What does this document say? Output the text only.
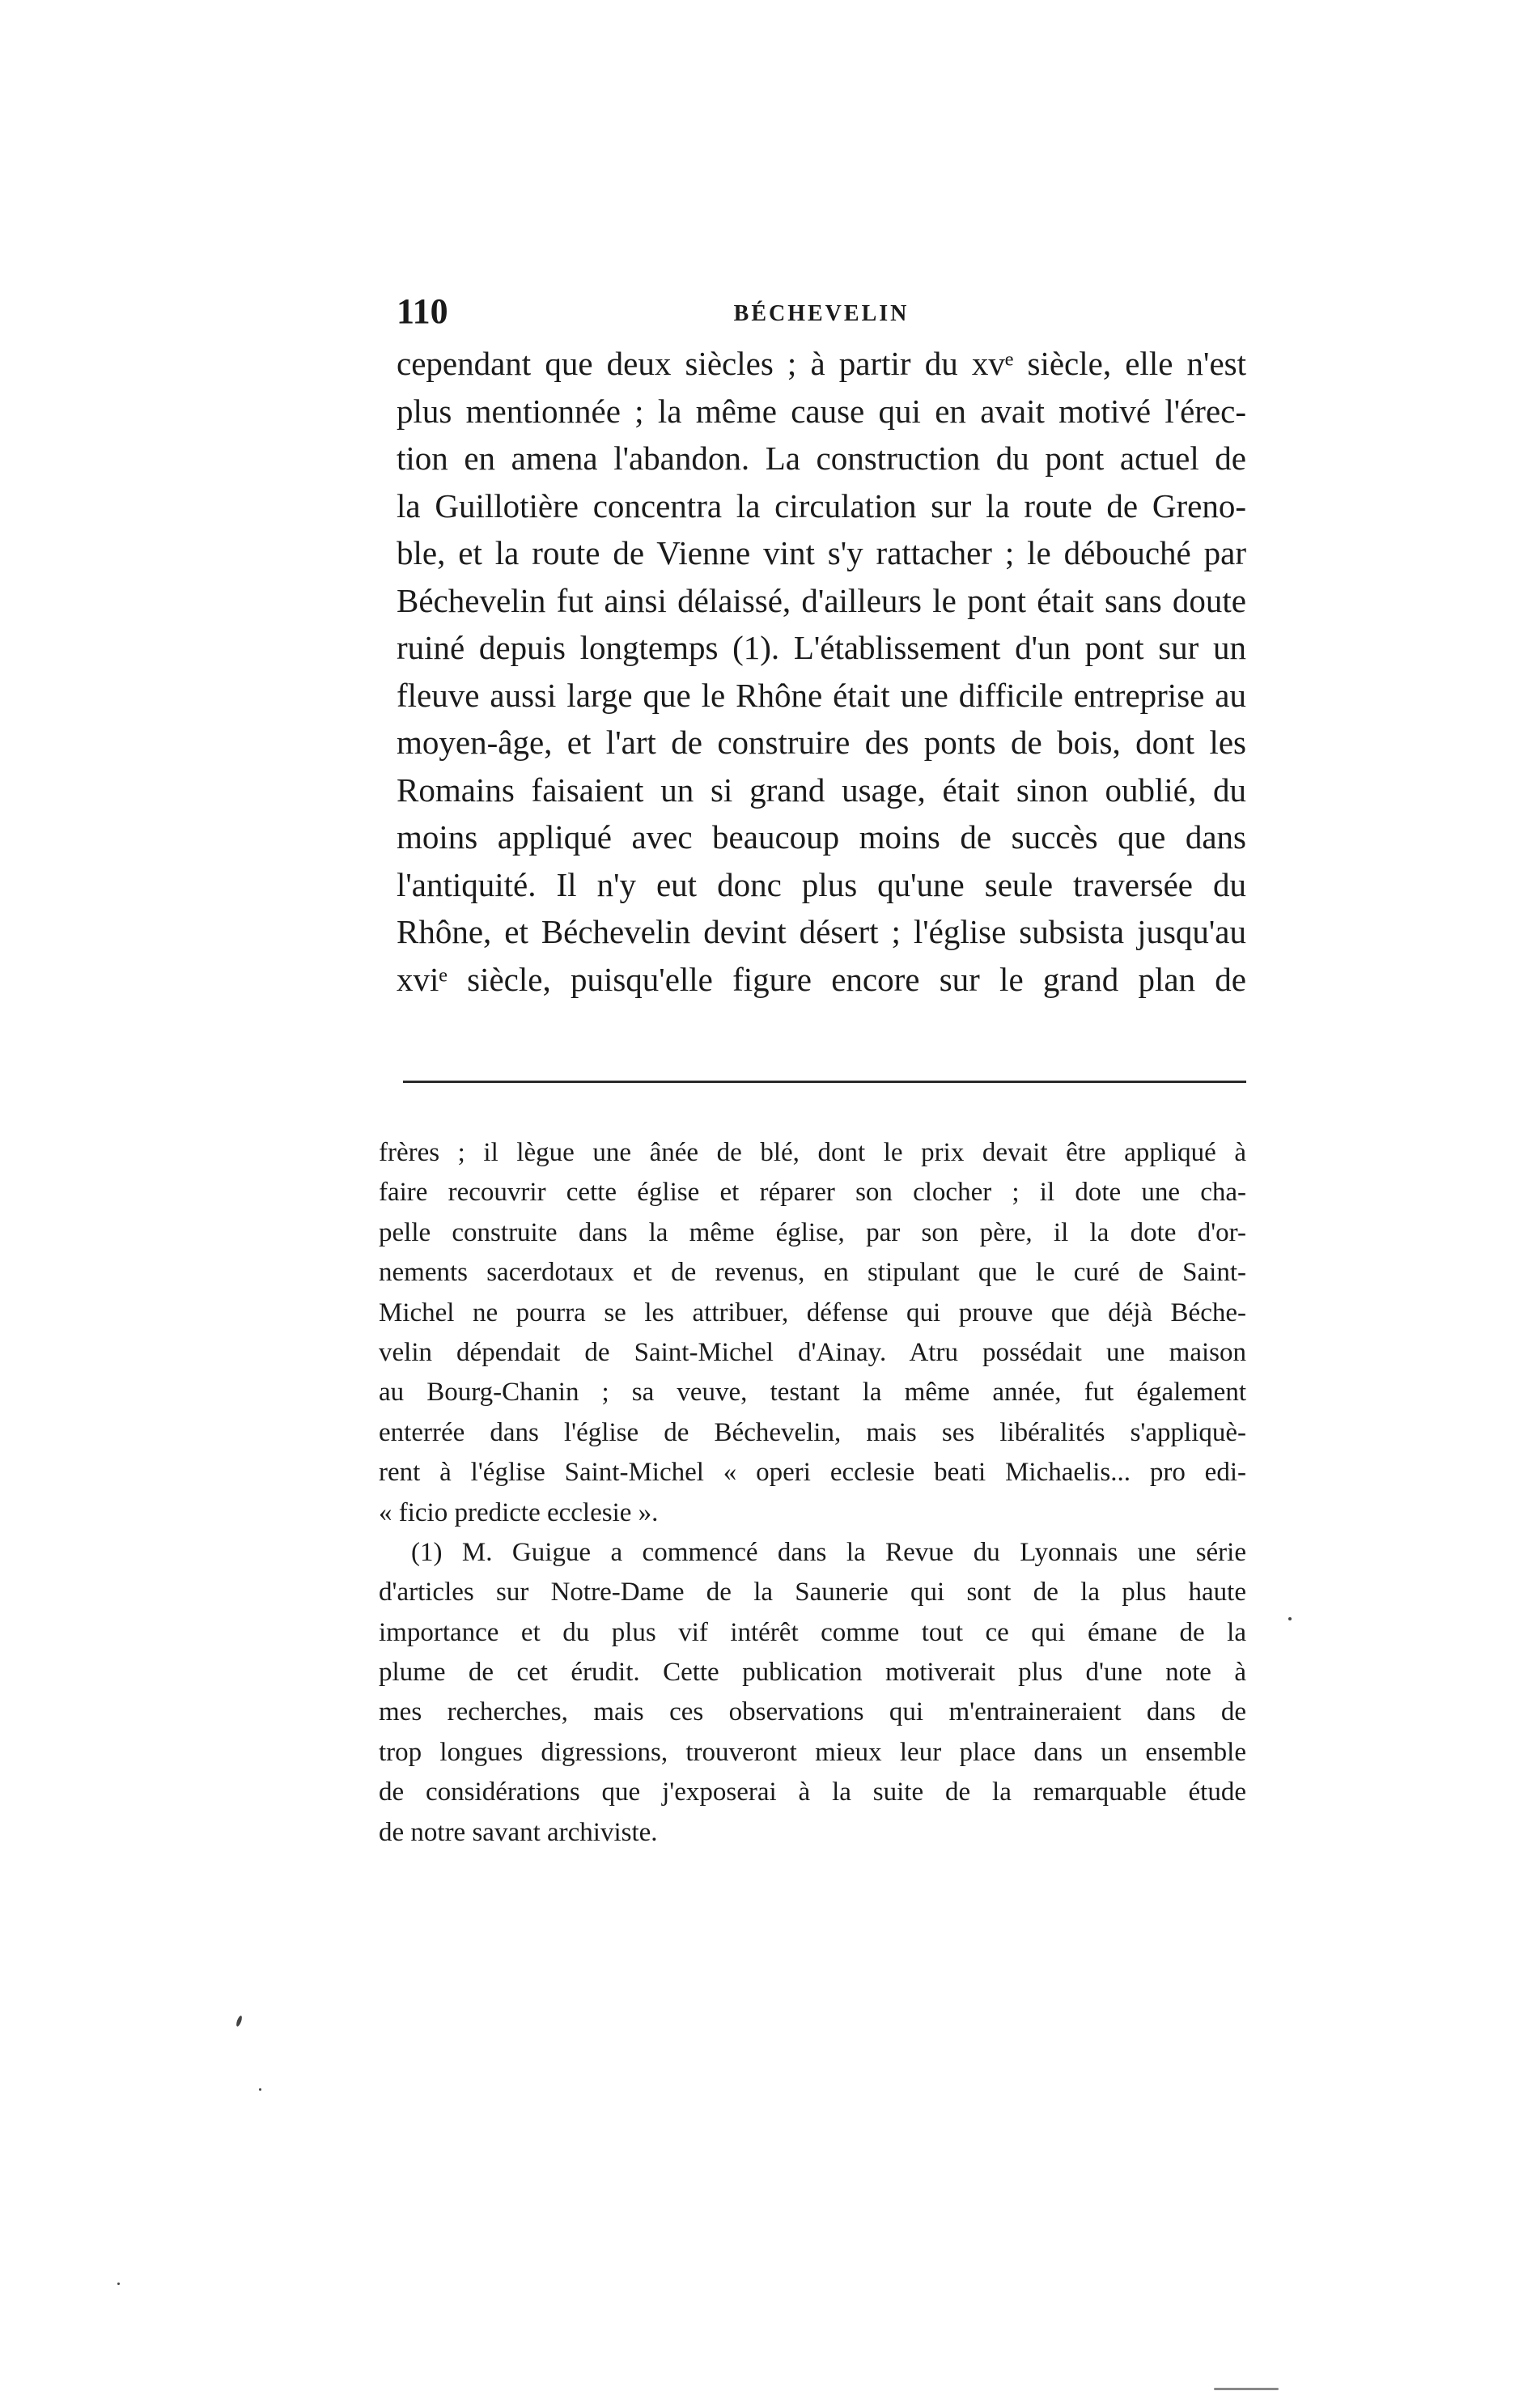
110	BÉCHEVELIN
cependant que deux siècles ; à partir du xvᵉ siècle, elle n'est
plus mentionnée ; la même cause qui en avait motivé l'érec-
tion en amena l'abandon. La construction du pont actuel de
la Guillotière concentra la circulation sur la route de Greno-
ble, et la route de Vienne vint s'y rattacher ; le débouché par
Béchevelin fut ainsi délaissé, d'ailleurs le pont était sans doute
ruiné depuis longtemps (1). L'établissement d'un pont sur un
fleuve aussi large que le Rhône était une difficile entreprise au
moyen-âge, et l'art de construire des ponts de bois, dont les
Romains faisaient un si grand usage, était sinon oublié, du
moins appliqué avec beaucoup moins de succès que dans
l'antiquité. Il n'y eut donc plus qu'une seule traversée du
Rhône, et Béchevelin devint désert ; l'église subsista jusqu'au
xviᵉ siècle, puisqu'elle figure encore sur le grand plan de
frères ; il lègue une ânée de blé, dont le prix devait être appliqué à
faire recouvrir cette église et réparer son clocher ; il dote une cha-
pelle construite dans la même église, par son père, il la dote d'or-
nements sacerdotaux et de revenus, en stipulant que le curé de Saint-
Michel ne pourra se les attribuer, défense qui prouve que déjà Béche-
velin dépendait de Saint-Michel d'Ainay. Atru possédait une maison
au Bourg-Chanin ; sa veuve, testant la même année, fut également
enterrée dans l'église de Béchevelin, mais ses libéralités s'appliquè-
rent à l'église Saint-Michel « operi ecclesie beati Michaelis... pro edi-
« ficio predicte ecclesie ».
(1) M. Guigue a commencé dans la Revue du Lyonnais une série
d'articles sur Notre-Dame de la Saunerie qui sont de la plus haute
importance et du plus vif intérêt comme tout ce qui émane de la
plume de cet érudit. Cette publication motiverait plus d'une note à
mes recherches, mais ces observations qui m'entraineraient dans de
trop longues digressions, trouveront mieux leur place dans un ensemble
de considérations que j'exposerai à la suite de la remarquable étude
de notre savant archiviste.
